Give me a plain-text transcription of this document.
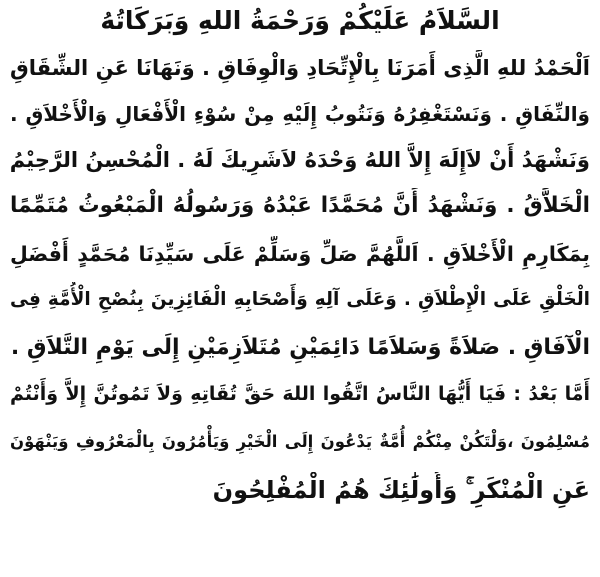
السَّلاَمُ عَلَيْكُمْ وَرَحْمَةُ اللهِ وَبَرَكَاتُهُ
اَلْحَمْدُ للهِ الَّذِى أَمَرَنَا بِالْإِتِّحَادِ وَالْوِفَاقِ . وَنَهَانَا عَنِ الشِّقَاقِ
وَالنِّفَاقِ . وَنَسْتَغْفِرُهُ وَنَتُوبُ إِلَيْهِ مِنْ سُوْءِ الْأَفْعَالِ وَالْأَخْلاَقِ .
وَنَشْهَدُ أَنْ لاَإِلَهَ إِلاَّ اللهُ وَحْدَهُ لاَشَرِيكَ لَهُ . الْمُحْسِنُ الرَّحِيْمُ
الْخَلاَّقُ . وَنَشْهَدُ أَنَّ مُحَمَّدًا عَبْدُهُ وَرَسُولُهُ الْمَبْعُوثُ مُتَمِّمًا
بِمَكَارِمِ الْأَخْلاَقِ . اَللَّهُمَّ صَلِّ وَسَلِّمْ عَلَى سَيِّدِنَا مُحَمَّدٍ أَفْضَلِ
الْخَلْقِ عَلَى الْإِطْلاَقِ . وَعَلَى آلِهِ وَأَصْحَابِهِ الْفَائِزِينَ بِنُصْحِ الْأُمَّةِ فِى
الْآفَاقِ . صَلاَةً وَسَلاَمًا دَائِمَيْنِ مُتَلاَزِمَيْنِ إِلَى يَوْمِ التَّلاَقِ .
أَمَّا بَعْدُ : فَيَا أَيُّهَا النَّاسُ اتَّقُوا اللهَ حَقَّ تُقَاتِهِ وَلاَ تَمُوتُنَّ إِلاَّ وَأَنْتُمْ
مُسْلِمُونَ ،وَلْتَكُنْ مِنْكُمْ أُمَّةٌ يَدْعُونَ إِلَى الْخَيْرِ وَيَأْمُرُونَ بِالْمَعْرُوفِ وَيَنْهَوْنَ
عَنِ الْمُنْكَرِ ۚ وَأُولَٰئِكَ هُمُ الْمُفْلِحُونَ
